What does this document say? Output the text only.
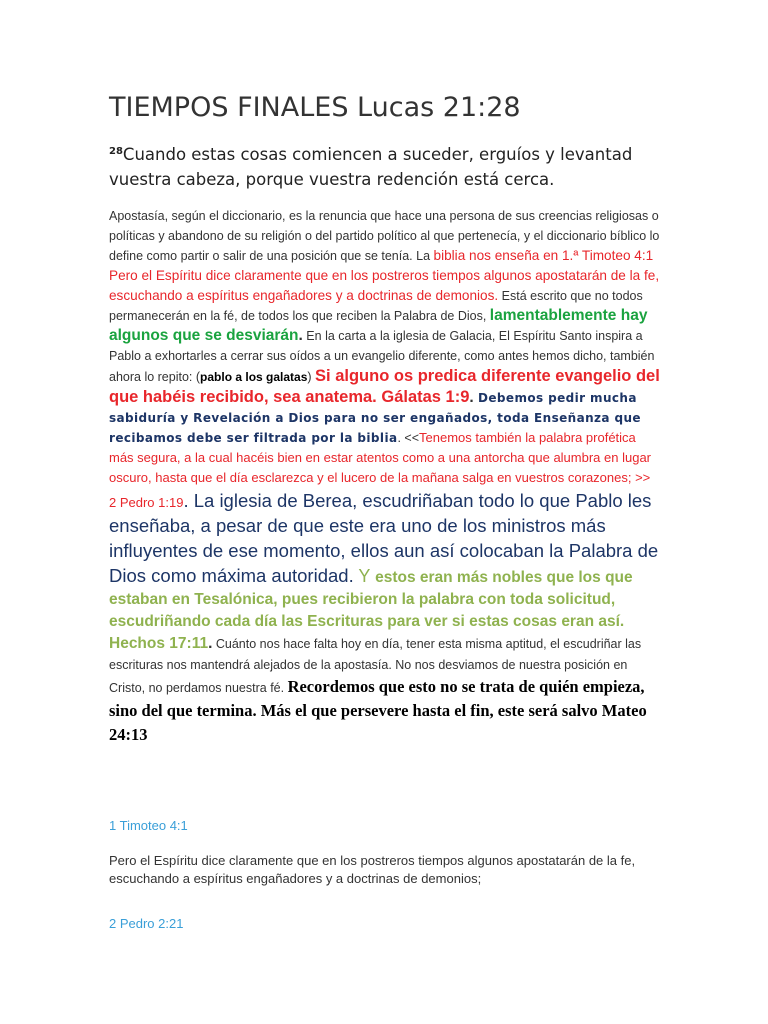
TIEMPOS FINALES Lucas 21:28

$^{28}$Cuando estas cosas comiencen a suceder, erguíos y levantad vuestra cabeza, porque vuestra redención está cerca.

Apostasía, según el diccionario, es la renuncia que hace una persona de sus creencias religiosas o políticas y abandono de su religión o del partido político al que pertenecía, y el diccionario bíblico lo define como partir o salir de una posición que se tenía. La biblia nos enseña en 1.ª Timoteo 4:1 Pero el Espíritu dice claramente que en los postreros tiempos algunos apostatarán de la fe, escuchando a espíritus engañadores y a doctrinas de demonios. Está escrito que no todos permanecerán en la fé, de todos los que reciben la Palabra de Dios, lamentablemente hay algunos que se desviarán. En la carta a la iglesia de Galacia, El Espíritu Santo inspira a Pablo a exhortarles a cerrar sus oídos a un evangelio diferente, como antes hemos dicho, también ahora lo repito: (pablo a los galatas) Si alguno os predica diferente evangelio del que habéis recibido, sea anatema. Gálatas 1:9. Debemos pedir mucha sabiduría y Revelación a Dios para no ser engañados, toda Enseñanza que recibamos debe ser filtrada por la biblia. <<Tenemos también la palabra profética más segura, a la cual hacéis bien en estar atentos como a una antorcha que alumbra en lugar oscuro, hasta que el día esclarezca y el lucero de la mañana salga en vuestros corazones; >> 2 Pedro 1:19. La iglesia de Berea, escudriñaban todo lo que Pablo les enseñaba, a pesar de que este era uno de los ministros más influyentes de ese momento, ellos aun así colocaban la Palabra de Dios como máxima autoridad. Y estos eran más nobles que los que estaban en Tesalónica, pues recibieron la palabra con toda solicitud, escudriñando cada día las Escrituras para ver si estas cosas eran así. Hechos 17:11. Cuánto nos hace falta hoy en día, tener esta misma aptitud, el escudriñar las escrituras nos mantendrá alejados de la apostasía. No nos desviamos de nuestra posición en Cristo, no perdamos nuestra fé. Recordemos que esto no se trata de quién empieza, sino del que termina. Más el que persevere hasta el fin, este será salvo Mateo 24:13

1 Timoteo 4:1

Pero el Espíritu dice claramente que en los postreros tiempos algunos apostatarán de la fe, escuchando a espíritus engañadores y a doctrinas de demonios;

2 Pedro 2:21
